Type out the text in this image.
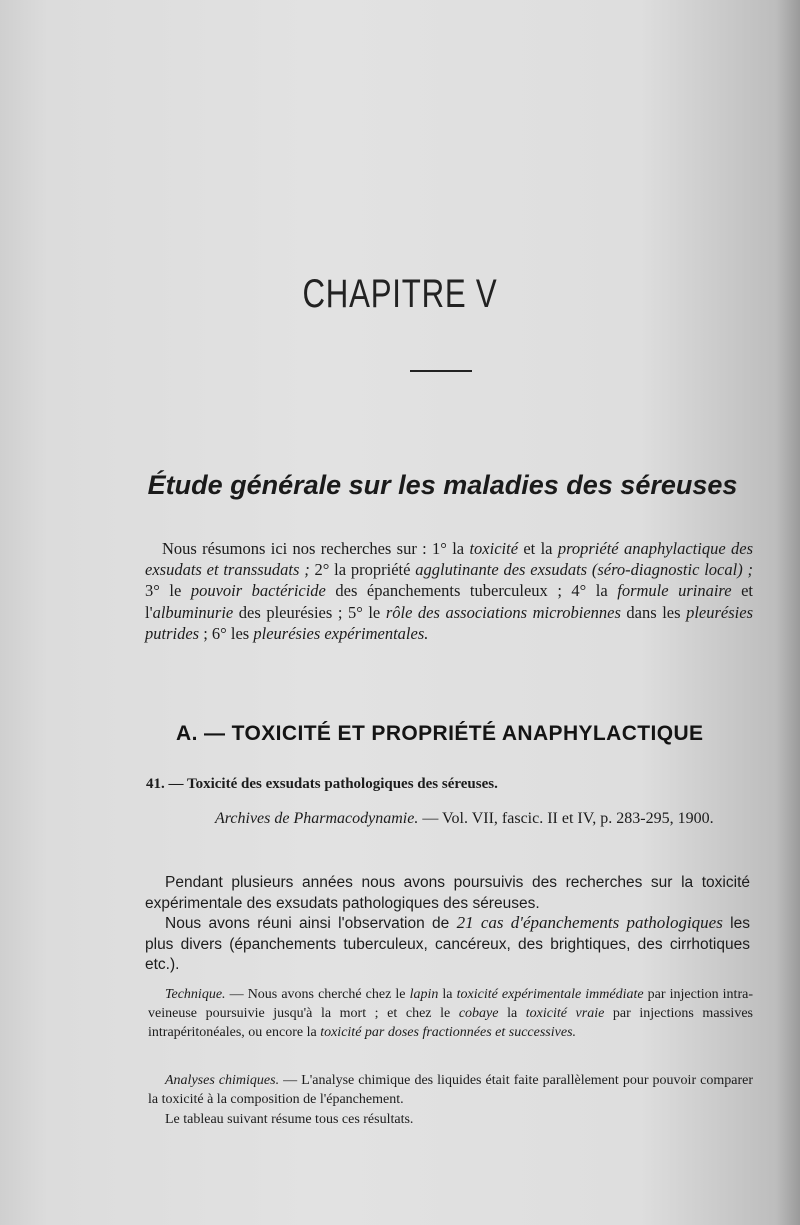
CHAPITRE V
Étude générale sur les maladies des séreuses

Nous résumons ici nos recherches sur : 1° la toxicité et la propriété anaphylactique des exsudats et transsudats ; 2° la propriété agglutinante des exsudats (séro-diagnostic local) ; 3° le pouvoir bactéricide des épanchements tuberculeux ; 4° la formule urinaire et l'albuminurie des pleurésies ; 5° le rôle des associations microbiennes dans les pleurésies putrides ; 6° les pleurésies expérimentales.

A. — TOXICITÉ ET PROPRIÉTÉ ANAPHYLACTIQUE
41. — Toxicité des exsudats pathologiques des séreuses.
Archives de Pharmacodynamie. — Vol. VII, fascic. II et IV, p. 283-295, 1900.

Pendant plusieurs années nous avons poursuivis des recherches sur la toxicité expérimentale des exsudats pathologiques des séreuses.

Nous avons réuni ainsi l'observation de 21 cas d'épanchements pathologiques les plus divers (épanchements tuberculeux, cancéreux, des brightiques, des cirrhotiques etc.).

Technique. — Nous avons cherché chez le lapin la toxicité expérimentale immédiate par injection intra-veineuse poursuivie jusqu'à la mort ; et chez le cobaye la toxicité vraie par injections massives intrapéritonéales, ou encore la toxicité par doses fractionnées et successives.

Analyses chimiques. — L'analyse chimique des liquides était faite parallèlement pour pouvoir comparer la toxicité à la composition de l'épanchement.

Le tableau suivant résume tous ces résultats.
